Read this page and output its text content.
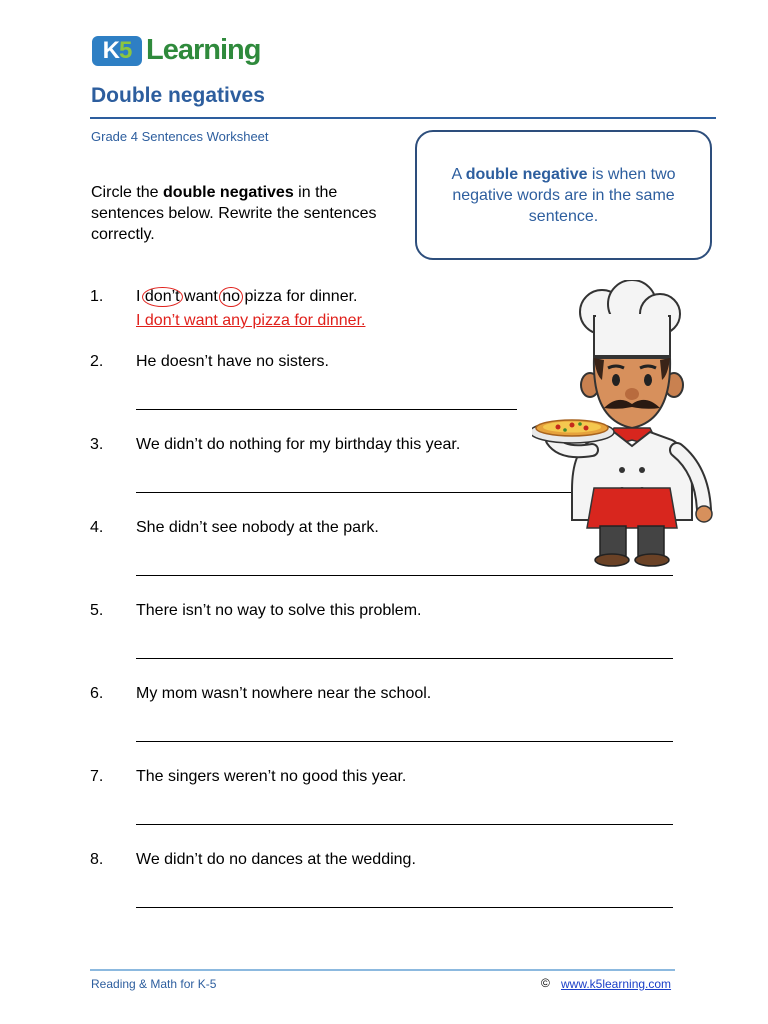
K5 Learning
Double negatives
Grade 4 Sentences Worksheet
Circle the double negatives in the sentences below. Rewrite the sentences correctly.
A double negative is when two negative words are in the same sentence.
1. I don’t want no pizza for dinner.
I don’t want any pizza for dinner.
2. He doesn’t have no sisters.
3. We didn’t do nothing for my birthday this year.
4. She didn’t see nobody at the park.
5. There isn’t no way to solve this problem.
6. My mom wasn’t nowhere near the school.
7. The singers weren’t no good this year.
8. We didn’t do no dances at the wedding.
Reading & Math for K-5	© www.k5learning.com
